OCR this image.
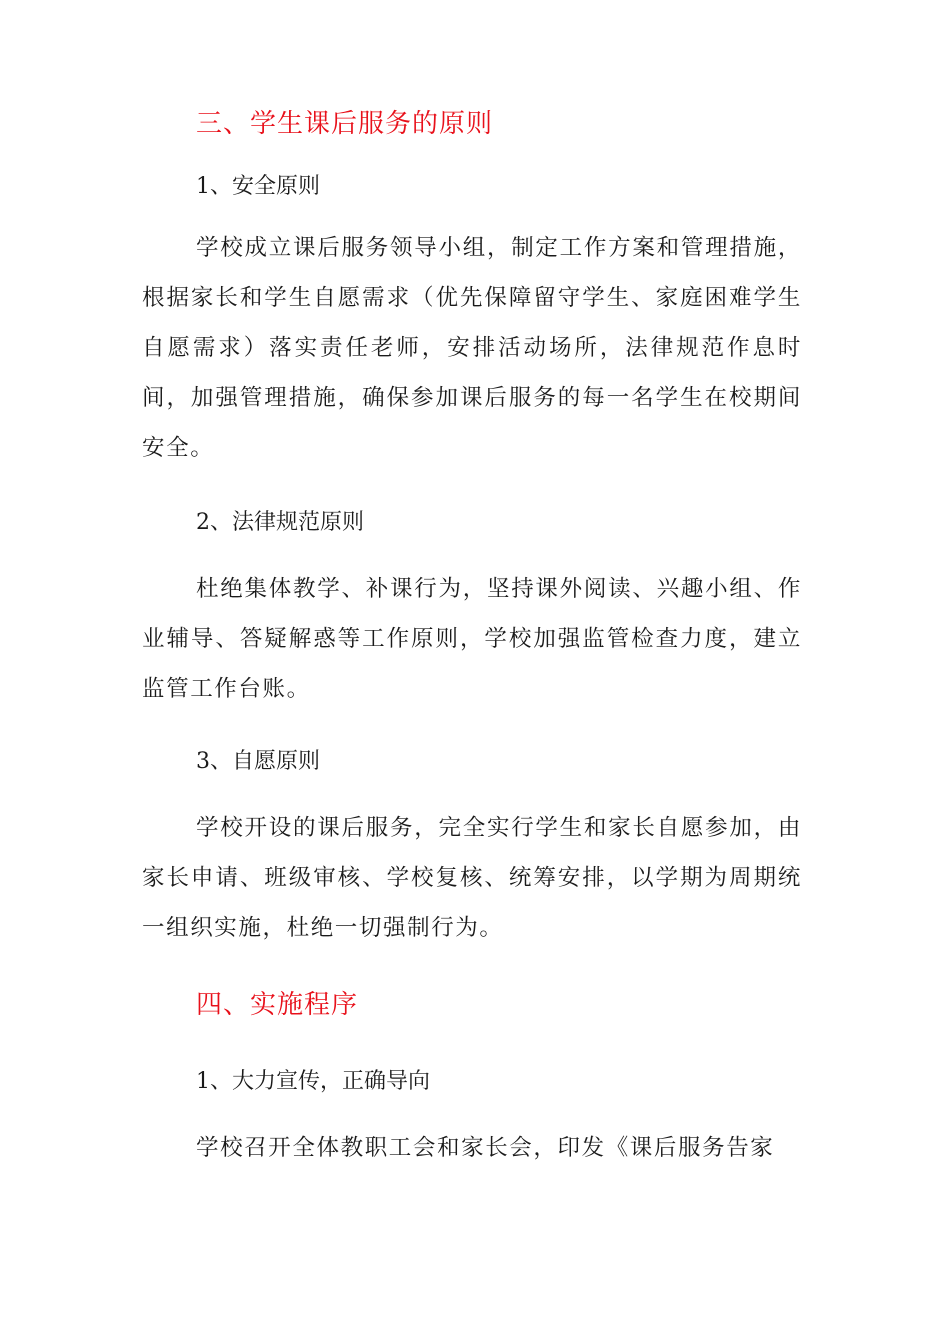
三、学生课后服务的原则
1、安全原则
学校成立课后服务领导小组，制定工作方案和管理措施，根据家长和学生自愿需求（优先保障留守学生、家庭困难学生自愿需求）落实责任老师，安排活动场所，法律规范作息时间，加强管理措施，确保参加课后服务的每一名学生在校期间安全。
2、法律规范原则
杜绝集体教学、补课行为，坚持课外阅读、兴趣小组、作业辅导、答疑解惑等工作原则，学校加强监管检查力度，建立监管工作台账。
3、自愿原则
学校开设的课后服务，完全实行学生和家长自愿参加，由家长申请、班级审核、学校复核、统筹安排，以学期为周期统一组织实施，杜绝一切强制行为。
四、实施程序
1、大力宣传，正确导向
学校召开全体教职工会和家长会，印发《课后服务告家
